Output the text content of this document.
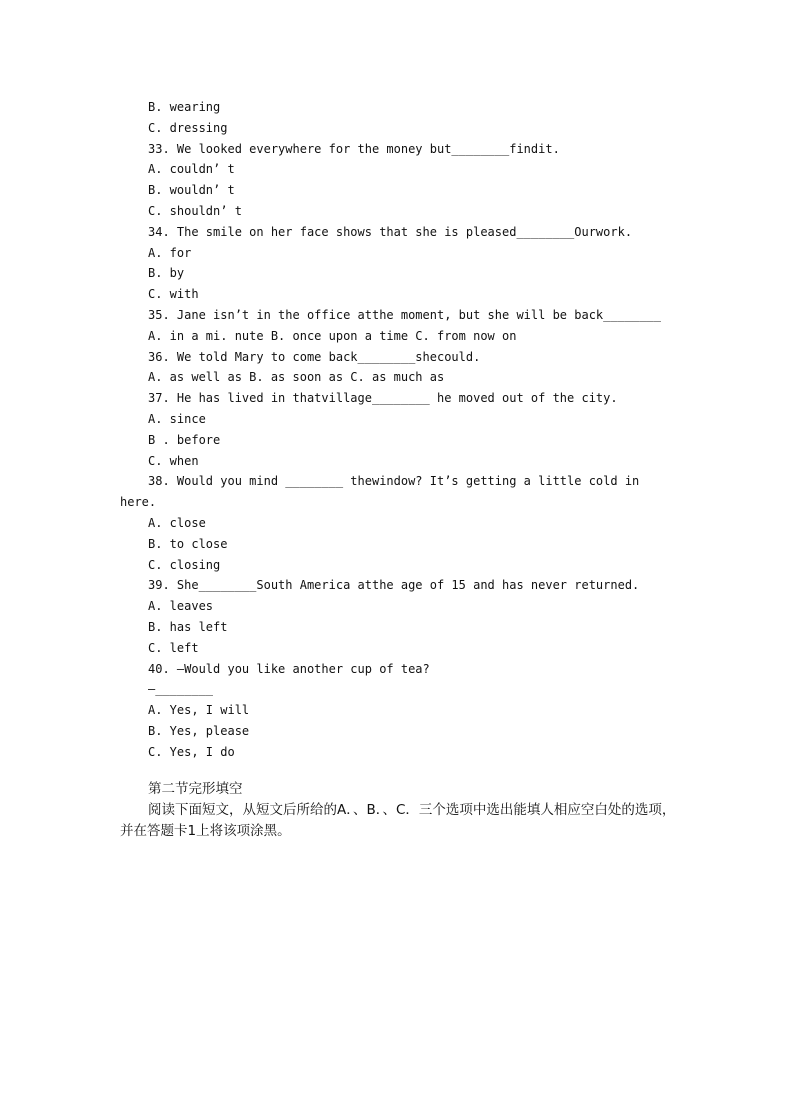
B. wearing
C. dressing
33. We looked everywhere for the money but________findit.
A. couldn’ t
B. wouldn’ t
C. shouldn’ t
34. The smile on her face shows that she is pleased________Ourwork.
A. for
B. by
C. with
35. Jane isn’t in the office atthe moment, but she will be back________
A. in a mi. nute B. once upon a time C. from now on
36. We told Mary to come back________shecould.
A. as well as B. as soon as C. as much as
37. He has lived in thatvillage________ he moved out of the city.
A. since
B . before
C. when
38. Would you mind ________ thewindow? It’s getting a little cold in
here.
A. close
B. to close
C. closing
39. She________South America atthe age of 15 and has never returned.
A. leaves
B. has left
C. left
40. —Would you like another cup of tea?
—________
A. Yes, I will
B. Yes, please
C. Yes, I do
第二节完形填空

阅读下面短文，从短文后所给的A．、B．、C．三个选项中选出能填人相应空白处的选项，并在答题卡1上将该项涂黑。
